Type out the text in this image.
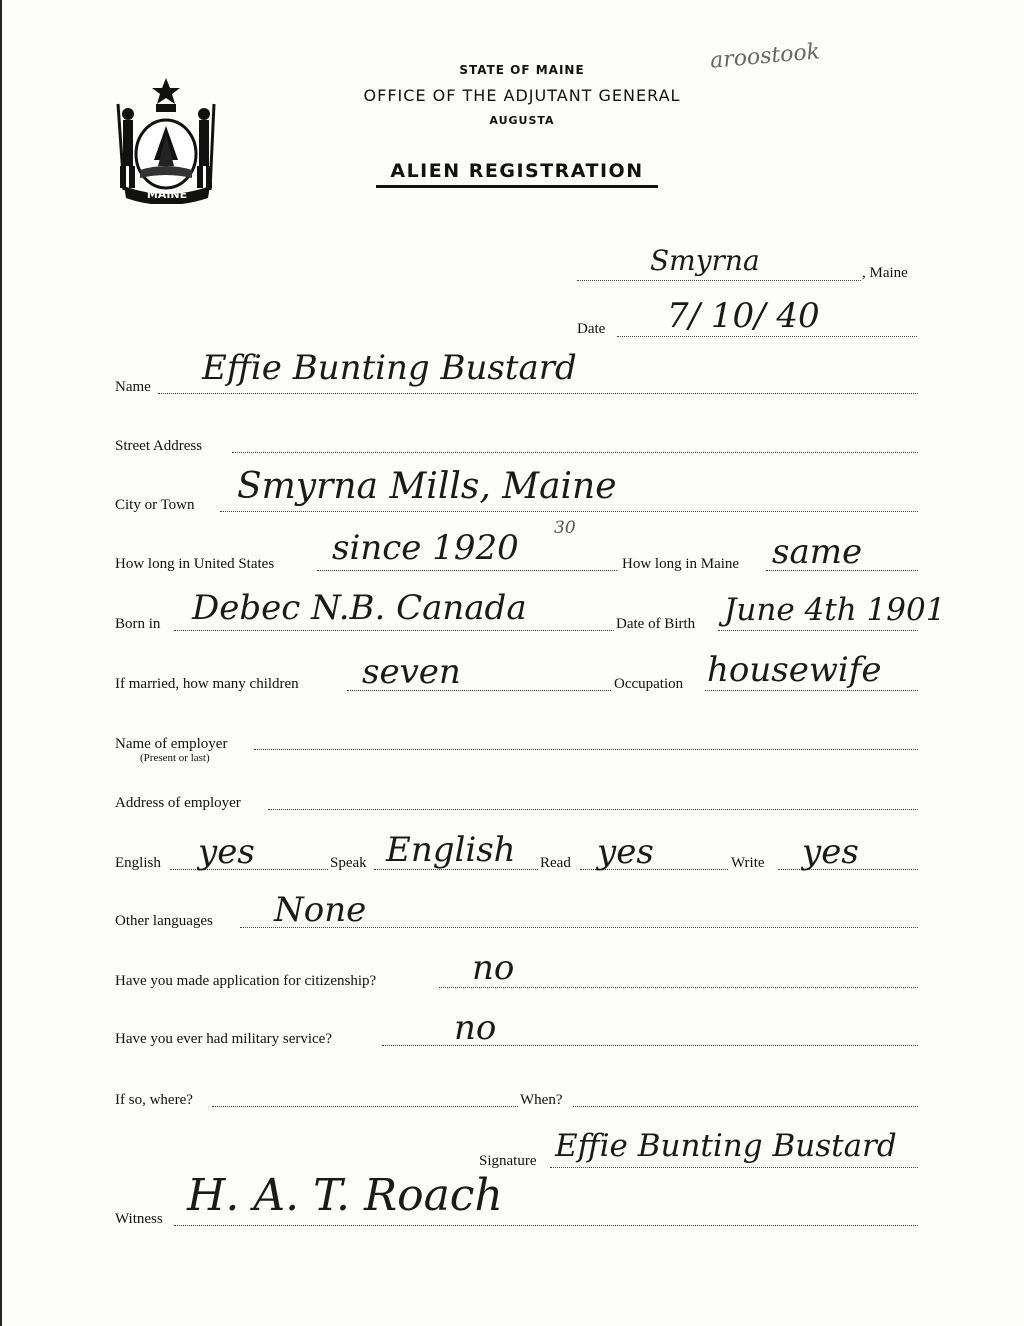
MAINE
STATE OF MAINE
OFFICE OF THE ADJUTANT GENERAL
AUGUSTA
ALIEN REGISTRATION
aroostook
Smyrna	, Maine
Date 7/ 10/ 40
Name Effie Bunting Bustard
Street Address
City or Town Smyrna Mills, Maine
How long in United States since 1920 30
How long in Maine same
Born in Debec N.B. Canada	Date of Birth June 4th 1901
If married, how many children seven	Occupation housewife
Name of employer
(Present or last)
Address of employer
English yes	Speak English Read yes	Write yes
Other languages None
Have you made application for citizenship?	no
Have you ever had military service?	no
If so, where?	When?
Signature Effie Bunting Bustard
Witness H. A. T. Roach
